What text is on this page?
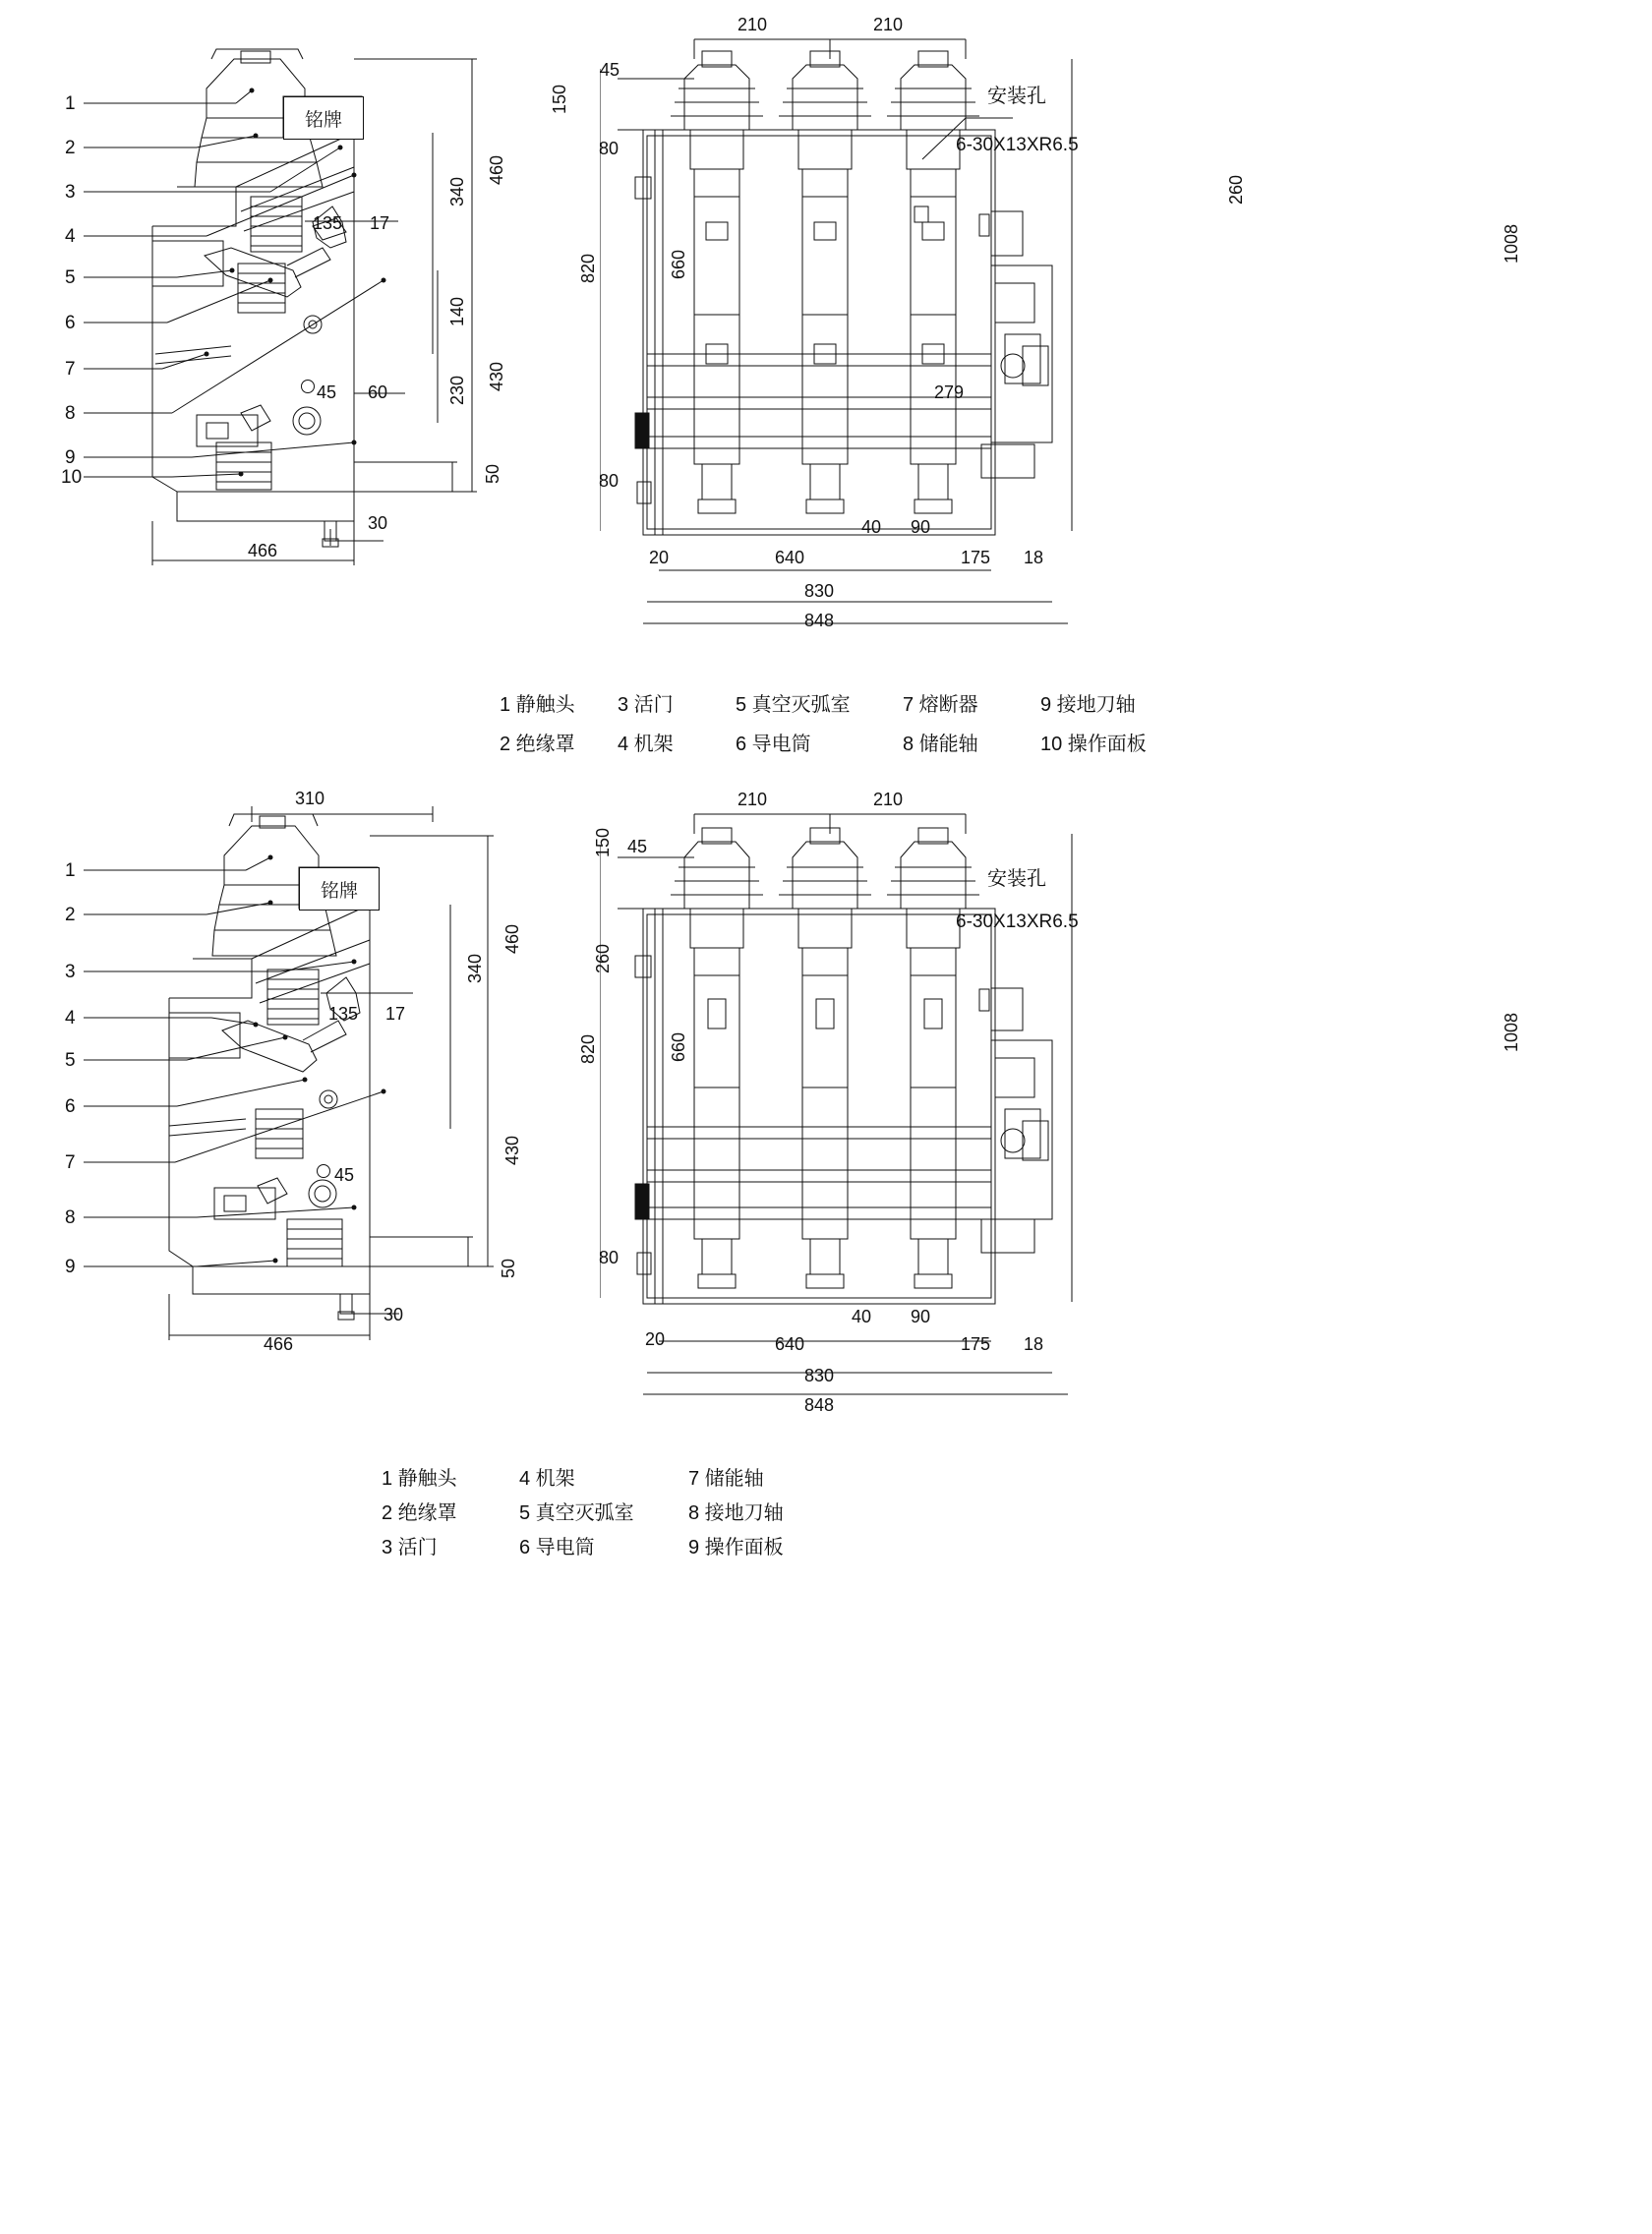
1
2
3
4
5
6
7
8
9
10
铭牌
460
340
135 17
140
230 430
45 60
50
30
466
210	210
45
150
80
80
260
660
820
279
1008
40 90
20	640	175 18
830
848
安装孔
6-30X13XR6.5
1 静触头 3 活门	5 真空灭弧室	7 熔断器	9 接地刀轴
2 绝缘罩 4 机架	6 导电筒	8 储能轴	10 操作面板
1
2
3
4
5
6
7
8
9
铭牌
310
460
340
135 17
430
45
50
30
466
210	210
45
150
260
660
820
80
1008
40 90
20	640	175 18
830
848
安装孔
6-30X13XR6.5
1 静触头	4 机架	7 储能轴
2 绝缘罩	5 真空灭弧室	8 接地刀轴
3 活门	6 导电筒	9 操作面板
